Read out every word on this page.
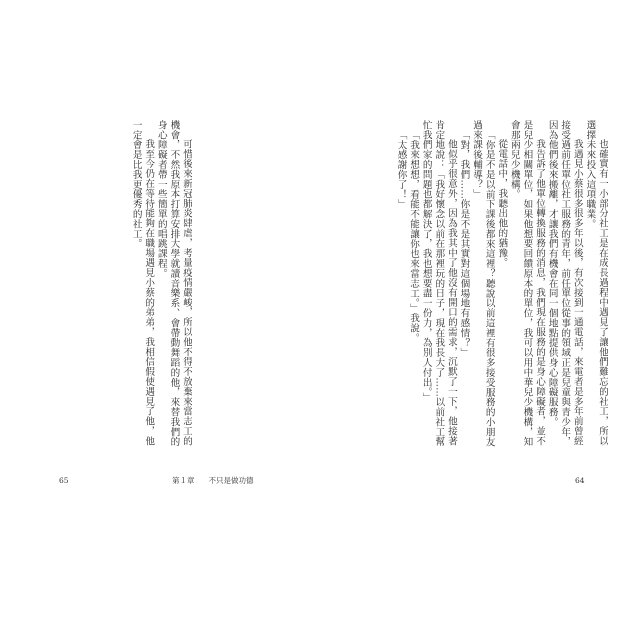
可惜後來新冠肺炎肆虐，考量疫情嚴峻，所以他不得不放棄來當志工的機會，不然我原本打算安排大學就讀音樂系、會帶動舞蹈的他，來替我們的身心障礙者帶一些簡單的唱跳課程。

我至今仍在等待能夠在職場遇見小蔡的弟弟，我相信假使遇見了他，他一定會是比我更優秀的社工。

65	第１章 不只是做功德

也確實有一小部分社工是在成長過程中遇見了讓他們難忘的社工，所以選擇未來投入這項職業。

我遇見小蔡很多很多年以後，有次接到一通電話，來電者是多年前曾經接受過前任單位社工服務的青年，前任單位從事的領域正是兒童與青少年，因為他們後來搬離，才讓我們有機會在同一個地點提供身心障礙服務。

我告訴了他單位轉換服務的消息，我們現在服務的是身心障礙者，並不是兒少相關單位，如果他想要回饋原本的單位，我可以用中華兒少機構，知會那兩兒少機構。

從電話中，我聽出他的猶豫。

「你是不是以前下課後都來這裡？聽說以前這裡有很多接受服務的小朋友過來課後輔導？」

「對，我們……你是不是其實對這個場地有感情？」

他似乎很意外，因為我其中了他沒有開口的需求，沉默了一下，他接著肯定地說：「我好懷念以前在那裡玩的日子，現在我長大了……以前社工幫忙我們家的問題也都解決了，我也想要盡一份力，為別人付出。」

「我來想想，看能不能讓你也來當志工。」我說。

「太感謝你了！」

64
